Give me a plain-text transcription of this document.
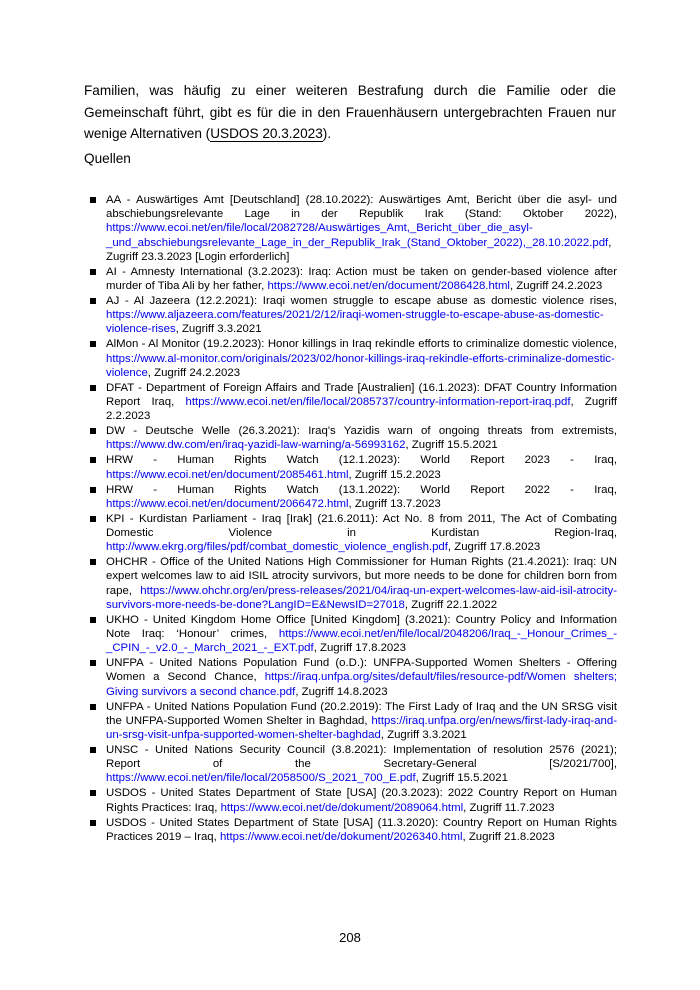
Familien, was häufig zu einer weiteren Bestrafung durch die Familie oder die Gemeinschaft führt, gibt es für die in den Frauenhäusern untergebrachten Frauen nur wenige Alternativen (USDOS 20.3.2023).

Quellen

AA - Auswärtiges Amt [Deutschland] (28.10.2022): Auswärtiges Amt, Bericht über die asyl- und abschiebungsrelevante Lage in der Republik Irak (Stand: Oktober 2022), https://www.ecoi.net/en/file/local/2082728/Auswärtiges_Amt,_Bericht_über_die_asyl-_und_abschiebungsrelevante_Lage_in_der_Republik_Irak_(Stand_Oktober_2022),_28.10.2022.pdf, Zugriff 23.3.2023 [Login erforderlich]
AI - Amnesty International (3.2.2023): Iraq: Action must be taken on gender-based violence after murder of Tiba Ali by her father, https://www.ecoi.net/en/document/2086428.html, Zugriff 24.2.2023
AJ - Al Jazeera (12.2.2021): Iraqi women struggle to escape abuse as domestic violence rises, https://www.aljazeera.com/features/2021/2/12/iraqi-women-struggle-to-escape-abuse-as-domestic-violence-rises, Zugriff 3.3.2021
AlMon - Al Monitor (19.2.2023): Honor killings in Iraq rekindle efforts to criminalize domestic violence, https://www.al-monitor.com/originals/2023/02/honor-killings-iraq-rekindle-efforts-criminalize-domestic-violence, Zugriff 24.2.2023
DFAT - Department of Foreign Affairs and Trade [Australien] (16.1.2023): DFAT Country Information Report Iraq, https://www.ecoi.net/en/file/local/2085737/country-information-report-iraq.pdf, Zugriff 2.2.2023
DW - Deutsche Welle (26.3.2021): Iraq's Yazidis warn of ongoing threats from extremists, https://www.dw.com/en/iraq-yazidi-law-warning/a-56993162, Zugriff 15.5.2021
HRW - Human Rights Watch (12.1.2023): World Report 2023 - Iraq, https://www.ecoi.net/en/document/2085461.html, Zugriff 15.2.2023
HRW - Human Rights Watch (13.1.2022): World Report 2022 - Iraq, https://www.ecoi.net/en/document/2066472.html, Zugriff 13.7.2023
KPI - Kurdistan Parliament - Iraq [Irak] (21.6.2011): Act No. 8 from 2011, The Act of Combating Domestic Violence in Kurdistan Region-Iraq, http://www.ekrg.org/files/pdf/combat_domestic_violence_english.pdf, Zugriff 17.8.2023
OHCHR - Office of the United Nations High Commissioner for Human Rights (21.4.2021): Iraq: UN expert welcomes law to aid ISIL atrocity survivors, but more needs to be done for children born from rape, https://www.ohchr.org/en/press-releases/2021/04/iraq-un-expert-welcomes-law-aid-isil-atrocity-survivors-more-needs-be-done?LangID=E&NewsID=27018, Zugriff 22.1.2022
UKHO - United Kingdom Home Office [United Kingdom] (3.2021): Country Policy and Information Note Iraq: ‘Honour’ crimes, https://www.ecoi.net/en/file/local/2048206/Iraq_-_Honour_Crimes_-_CPIN_-_v2.0_-_March_2021_-_EXT.pdf, Zugriff 17.8.2023
UNFPA - United Nations Population Fund (o.D.): UNFPA-Supported Women Shelters - Offering Women a Second Chance, https://iraq.unfpa.org/sites/default/files/resource-pdf/Women shelters; Giving survivors a second chance.pdf, Zugriff 14.8.2023
UNFPA - United Nations Population Fund (20.2.2019): The First Lady of Iraq and the UN SRSG visit the UNFPA-Supported Women Shelter in Baghdad, https://iraq.unfpa.org/en/news/first-lady-iraq-and-un-srsg-visit-unfpa-supported-women-shelter-baghdad, Zugriff 3.3.2021
UNSC - United Nations Security Council (3.8.2021): Implementation of resolution 2576 (2021); Report of the Secretary-General [S/2021/700], https://www.ecoi.net/en/file/local/2058500/S_2021_700_E.pdf, Zugriff 15.5.2021
USDOS - United States Department of State [USA] (20.3.2023): 2022 Country Report on Human Rights Practices: Iraq, https://www.ecoi.net/de/dokument/2089064.html, Zugriff 11.7.2023
USDOS - United States Department of State [USA] (11.3.2020): Country Report on Human Rights Practices 2019 – Iraq, https://www.ecoi.net/de/dokument/2026340.html, Zugriff 21.8.2023

208
